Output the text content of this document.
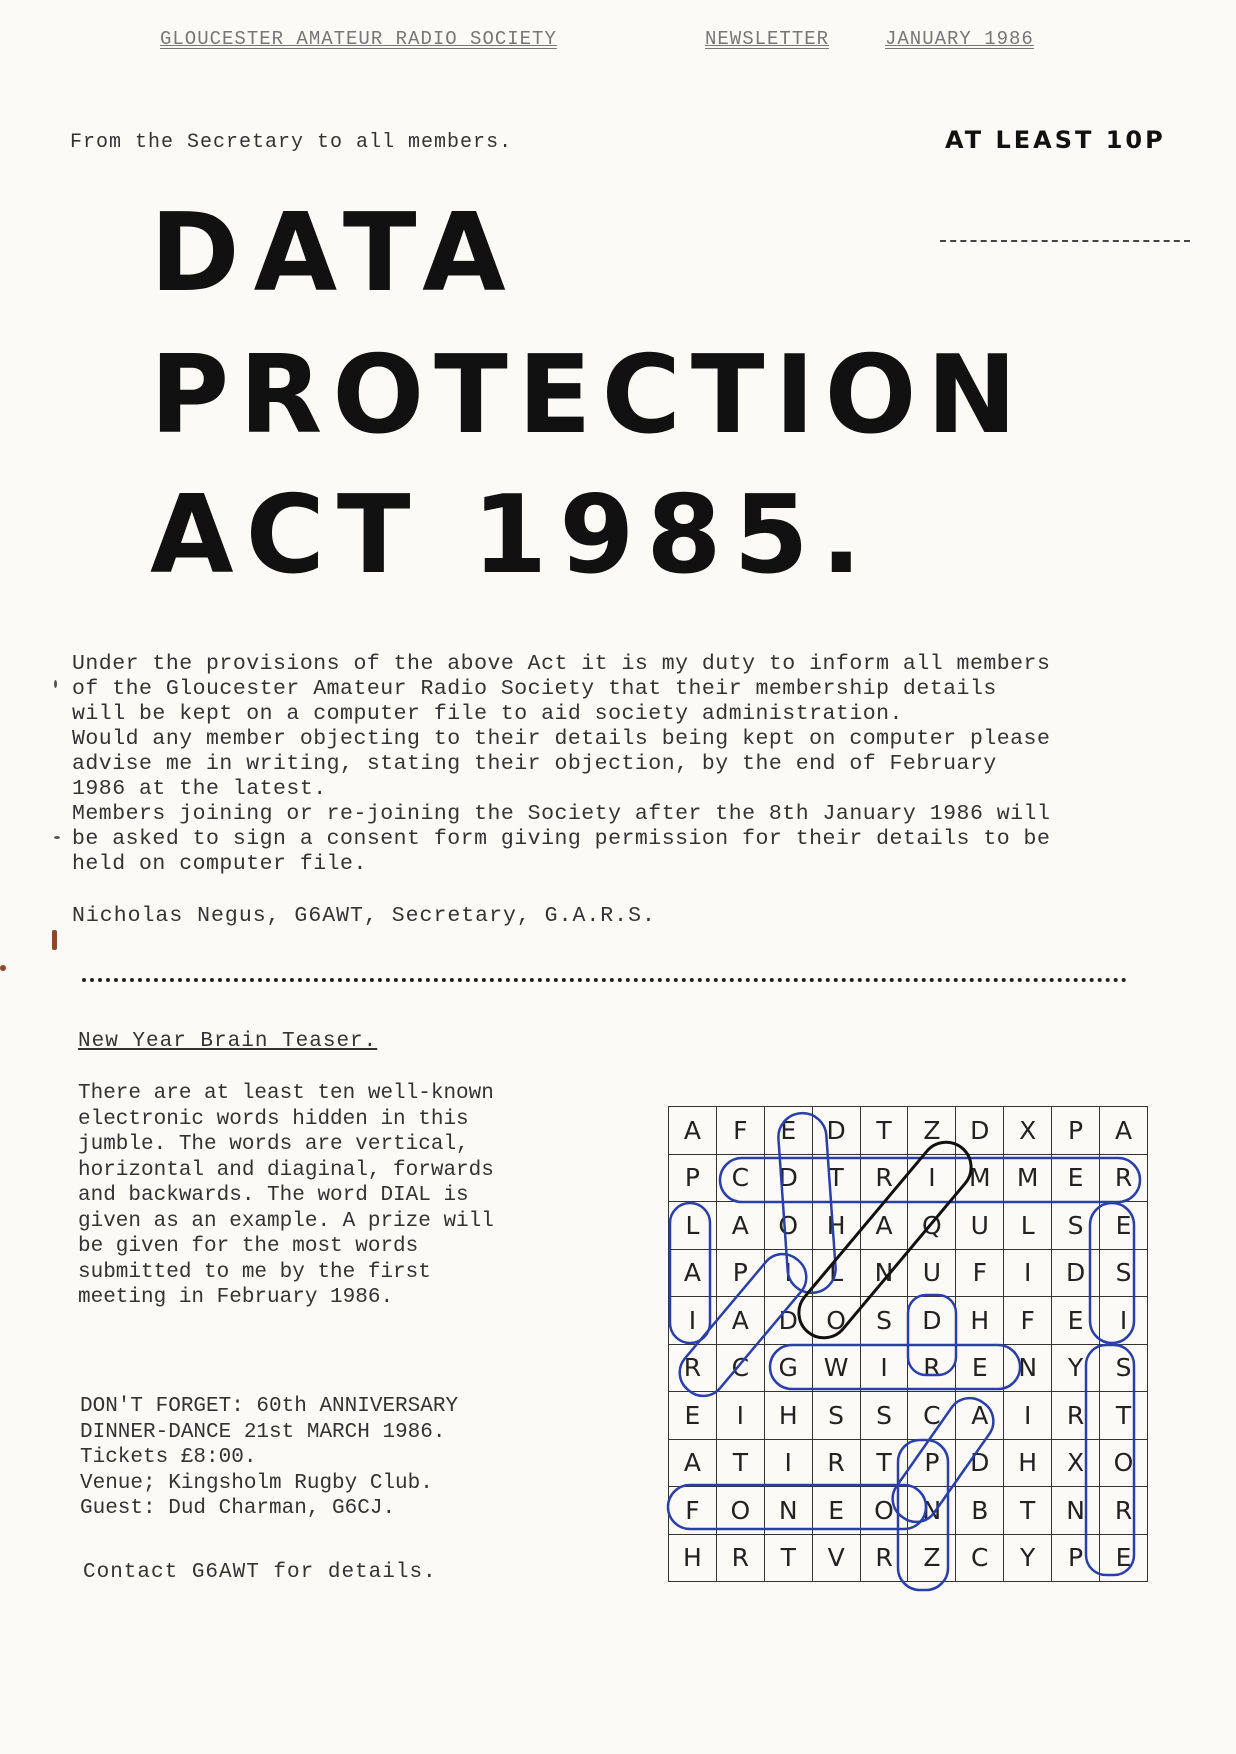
GLOUCESTER AMATEUR RADIO SOCIETY	NEWSLETTER	JANUARY 1986
From the Secretary to all members.	AT LEAST 10P
DATA
PROTECTION
ACT 1985.

Under the provisions of the above Act it is my duty to inform all members

of the Gloucester Amateur Radio Society that their membership details

will be kept on a computer file to aid society administration.

Would any member objecting to their details being kept on computer please

advise me in writing, stating their objection, by the end of February

1986 at the latest.

Members joining or re-joining the Society after the 8th January 1986 will

be asked to sign a consent form giving permission for their details to be

held on computer file.

Nicholas Negus, G6AWT, Secretary, G.A.R.S.
New Year Brain Teaser.

There are at least ten well-known

electronic words hidden in this

jumble. The words are vertical,

horizontal and diaginal, forwards

and backwards. The word DIAL is

given as an example. A prize will

be given for the most words

submitted to me by the first

meeting in February 1986.

DON'T FORGET: 60th ANNIVERSARY

DINNER-DANCE 21st MARCH 1986.

Tickets £8:00.

Venue; Kingsholm Rugby Club.

Guest: Dud Charman, G6CJ.

Contact G6AWT for details.
A	F	E	D	T	Z	D	X	P	A
P	C	D	T	R	I	M	M	E	R
L	A	O	H	A	Q	U	L	S	E
A	P	I	L	N	U	F	I	D	S
I	A	D	O	S	D	H	F	E	I
R	C	G	W	I	R	E	N	Y	S
E	I	H	S	S	C	A	I	R	T
A	T	I	R	T	P	D	H	X	O
F	O	N	E	O	N	B	T	N	R
H	R	T	V	R	Z	C	Y	P	E
